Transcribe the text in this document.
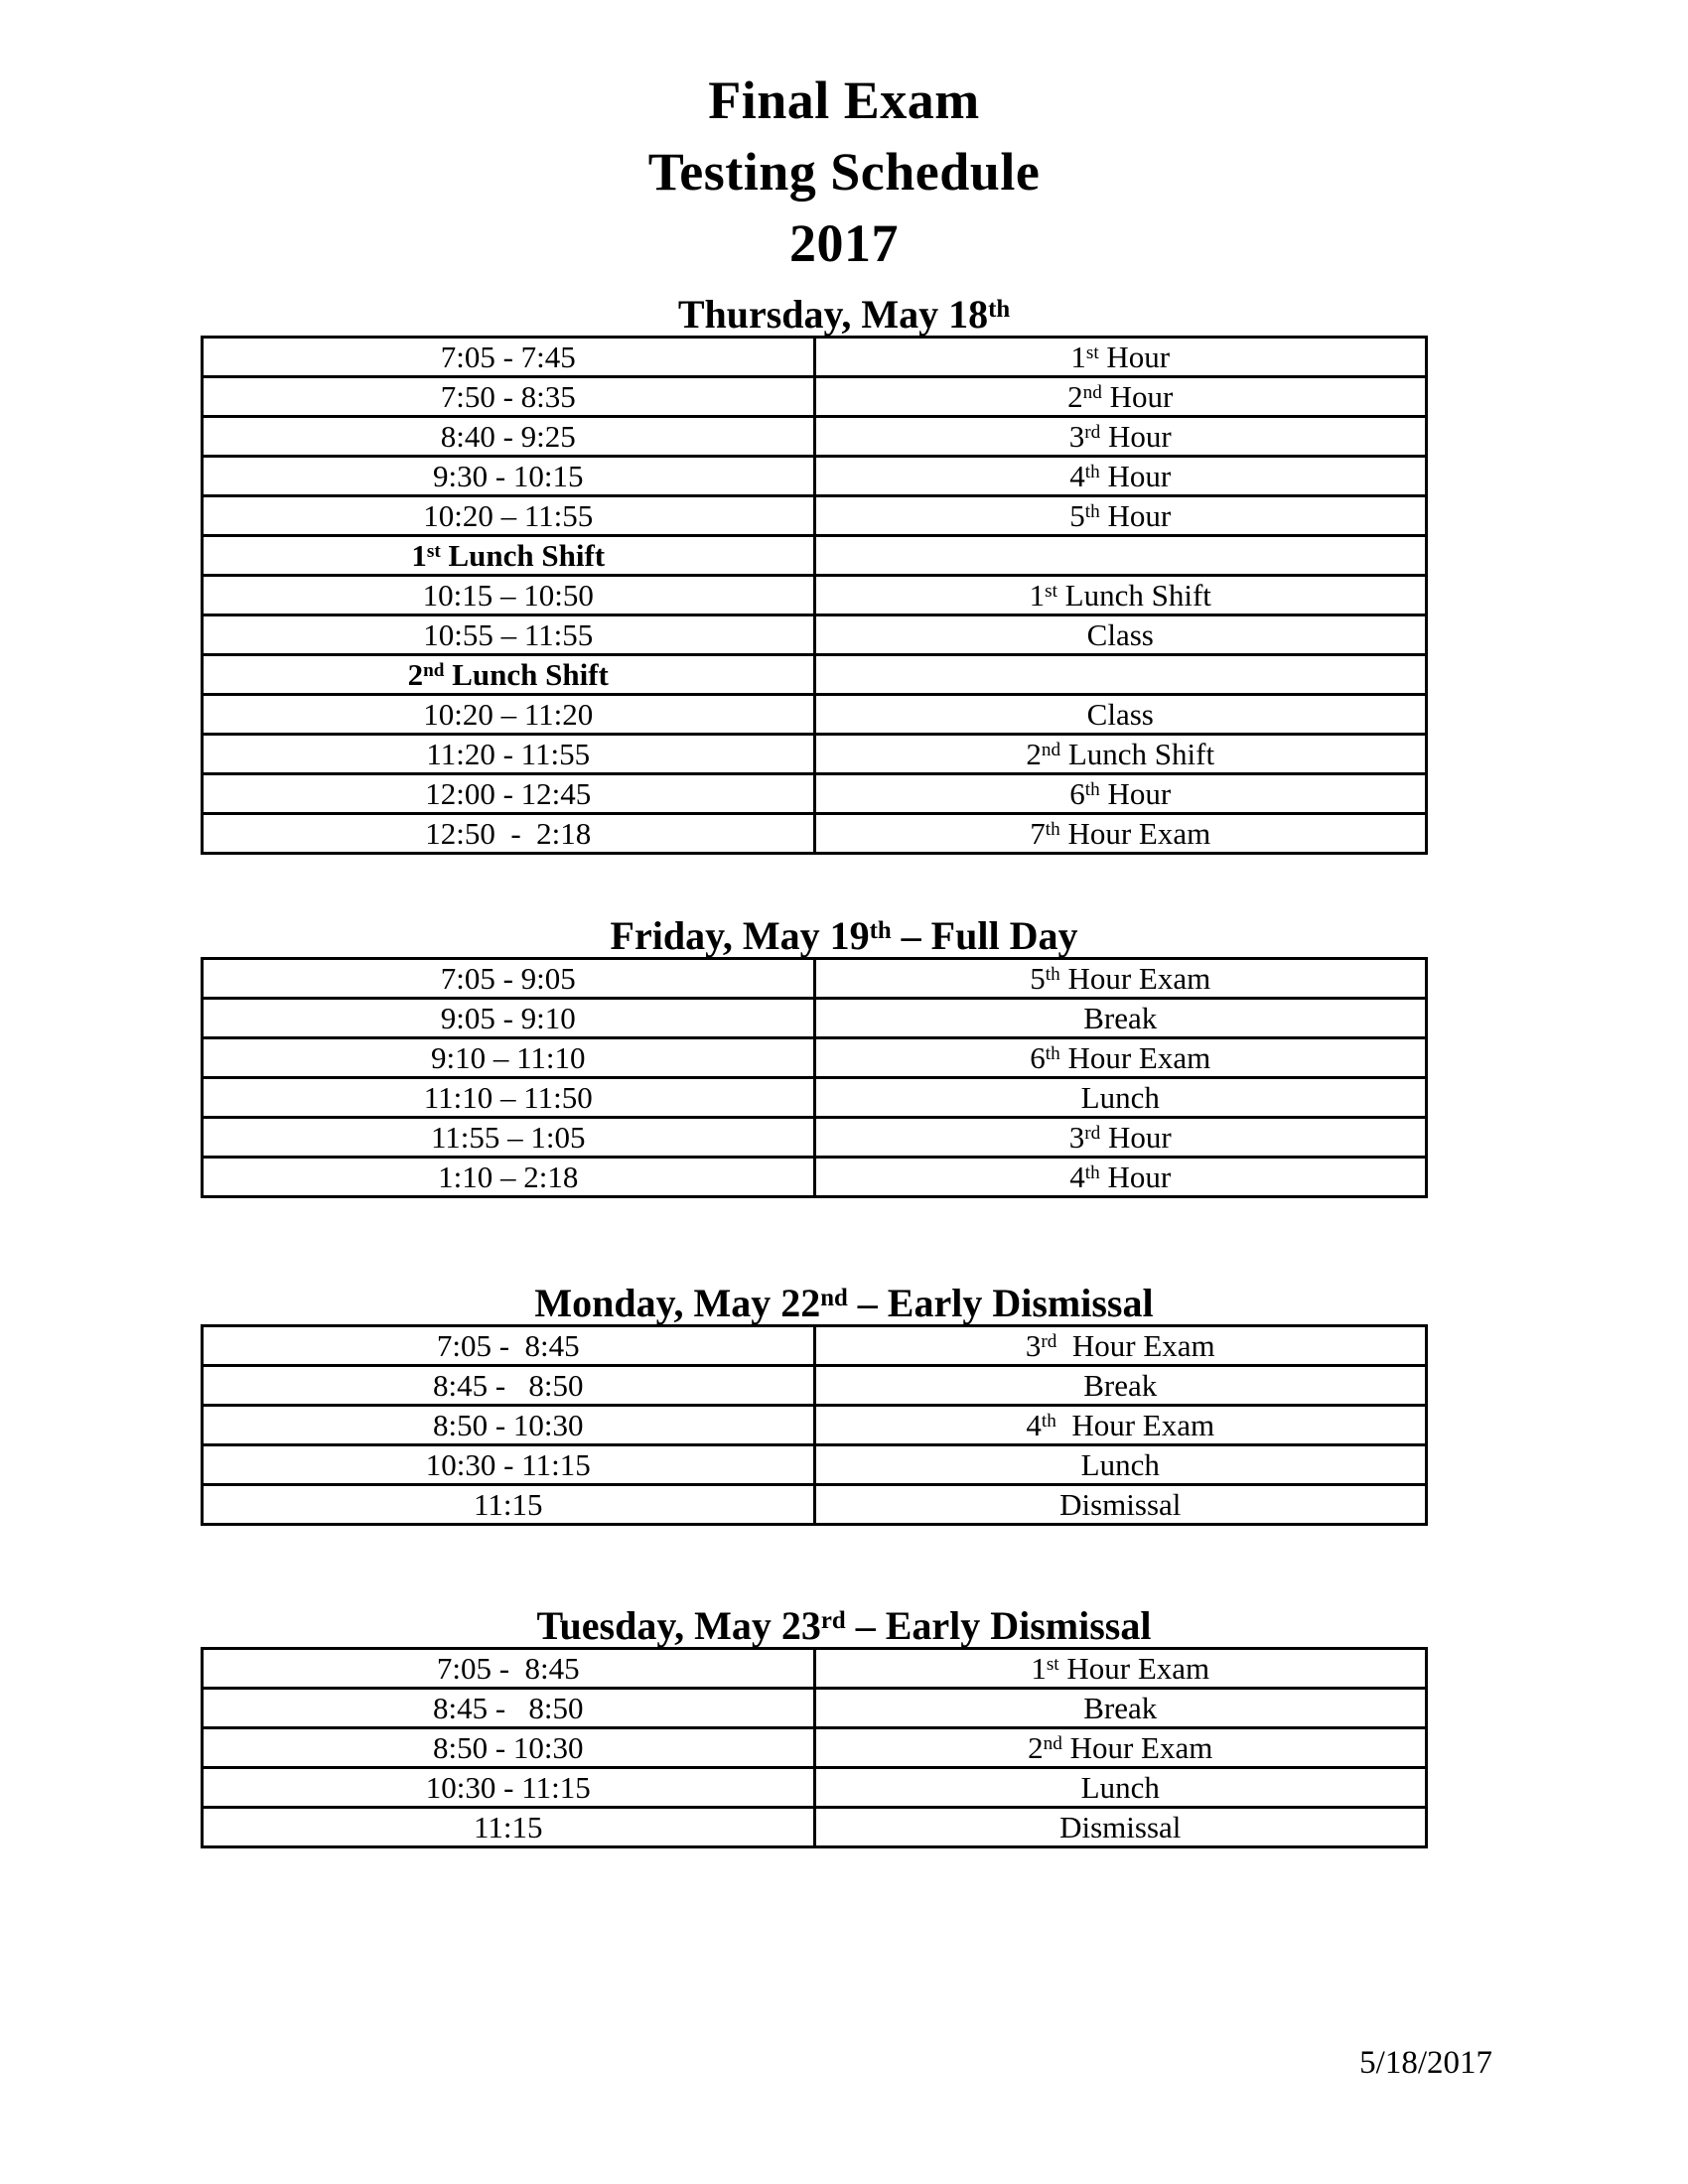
Final Exam
Testing Schedule
2017
Thursday, May 18th
7:05 - 7:45	1st Hour
7:50 - 8:35	2nd Hour
8:40 - 9:25	3rd Hour
9:30 - 10:15	4th Hour
10:20 – 11:55	5th Hour
1st Lunch Shift	
10:15 – 10:50	1st Lunch Shift
10:55 – 11:55	Class
2nd Lunch Shift	
10:20 – 11:20	Class
11:20 - 11:55	2nd Lunch Shift
12:00 - 12:45	6th Hour
12:50  -  2:18	7th Hour Exam
Friday, May 19th – Full Day
7:05 - 9:05	5th Hour Exam
9:05 - 9:10	Break
9:10 – 11:10	6th Hour Exam
11:10 – 11:50	Lunch
11:55 – 1:05	3rd Hour
1:10 – 2:18	4th Hour
Monday, May 22nd – Early Dismissal
7:05 -  8:45	3rd  Hour Exam
8:45 -   8:50	Break
8:50 - 10:30	4th  Hour Exam
10:30 - 11:15	Lunch
11:15	Dismissal
Tuesday, May 23rd – Early Dismissal
7:05 -  8:45	1st Hour Exam
8:45 -   8:50	Break
8:50 - 10:30	2nd Hour Exam
10:30 - 11:15	Lunch
11:15	Dismissal
5/18/2017
